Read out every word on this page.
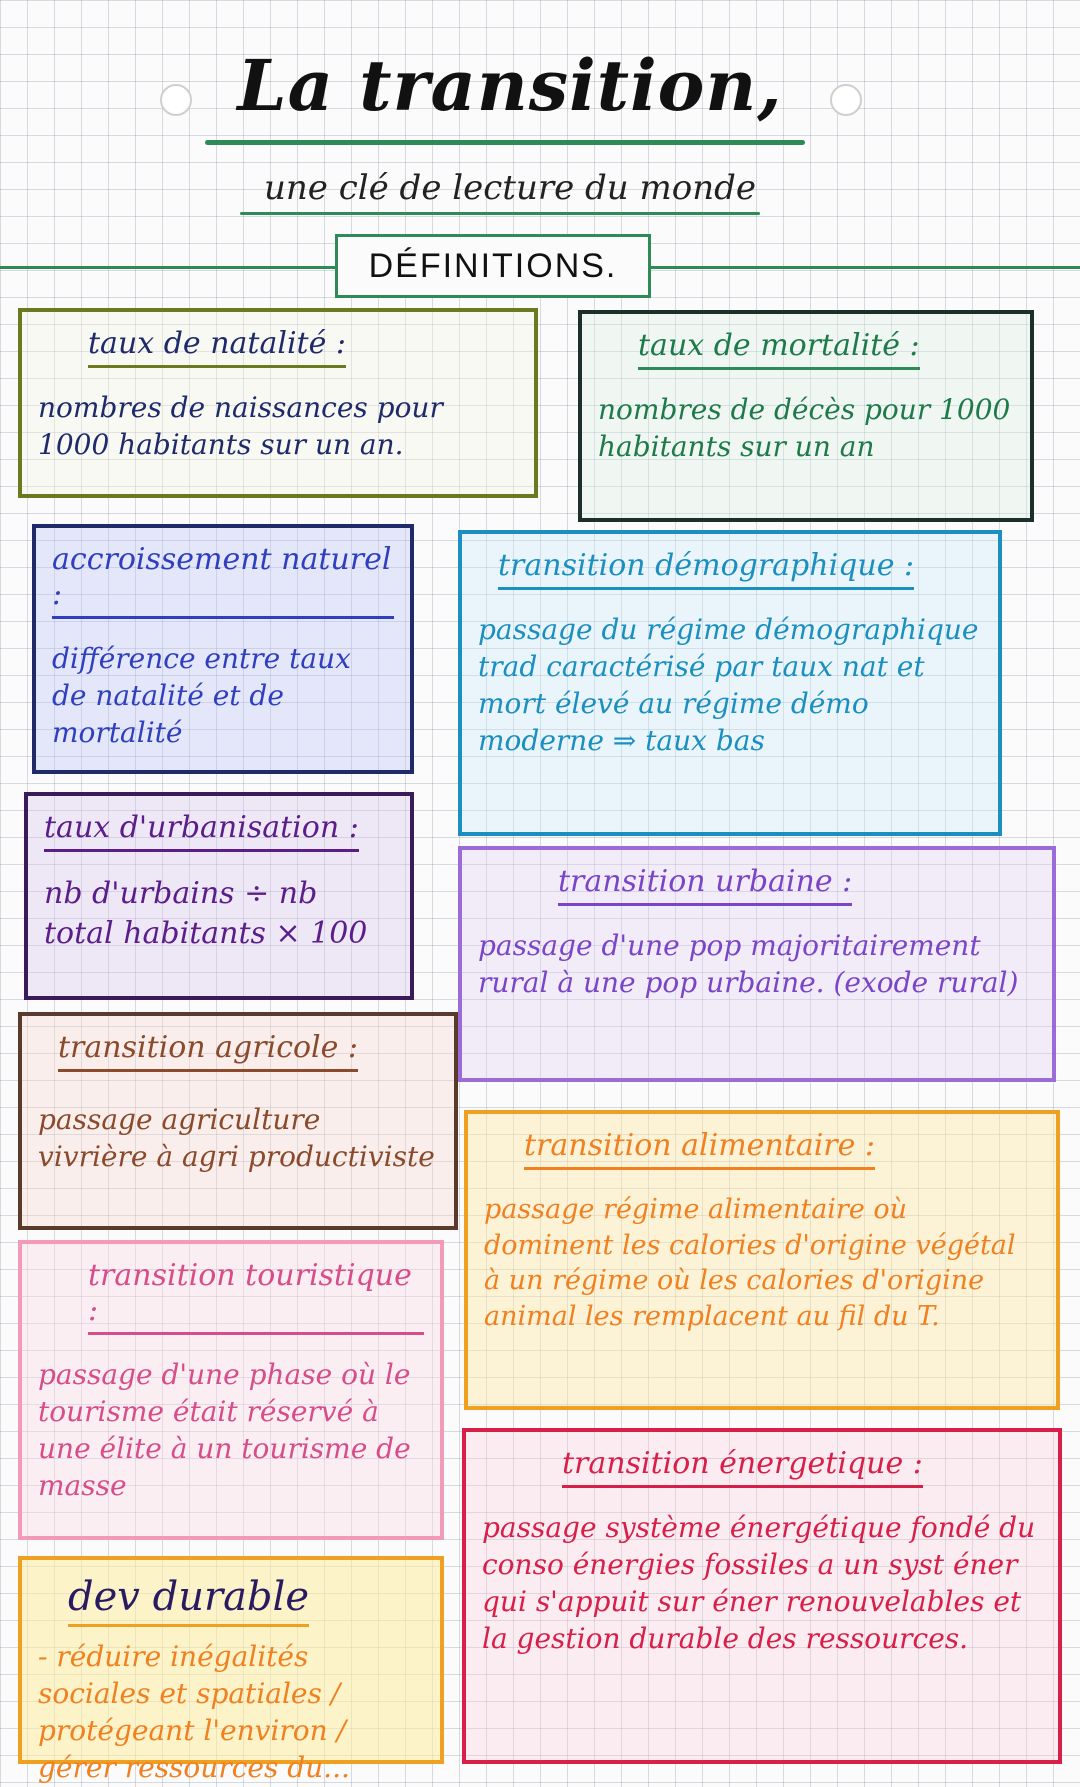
La transition,
une clé de lecture du monde
DÉFINITIONS.
taux de natalité :
nombres de naissances pour 1000 habitants sur un an.
taux de mortalité :
nombres de décès pour 1000 habitants sur un an
accroissement naturel :
différence entre taux de natalité et de mortalité
transition démographique :
passage du régime démographique trad caractérisé par taux nat et mort élevé au régime démo moderne ⇒ taux bas
taux d'urbanisation :
nb d'urbains ÷ nb total habitants × 100
transition urbaine :
passage d'une pop majoritairement rural à une pop urbaine. (exode rural)
transition agricole :
passage agriculture vivrière à agri productiviste	transition alimentaire :
passage régime alimentaire où dominent les calories d'origine végétal à un régime où les calories d'origine animal les remplacent au fil du T.
transition touristique :
passage d'une phase où le tourisme était réservé à une élite à un tourisme de masse
transition énergetique :
passage système énergétique fondé du conso énergies fossiles a un syst éner qui s'appuit sur éner renouvelables et la gestion durable des ressources.
dev durable
- réduire inégalités sociales et spatiales / protégeant l'environ / gérer ressources du...
